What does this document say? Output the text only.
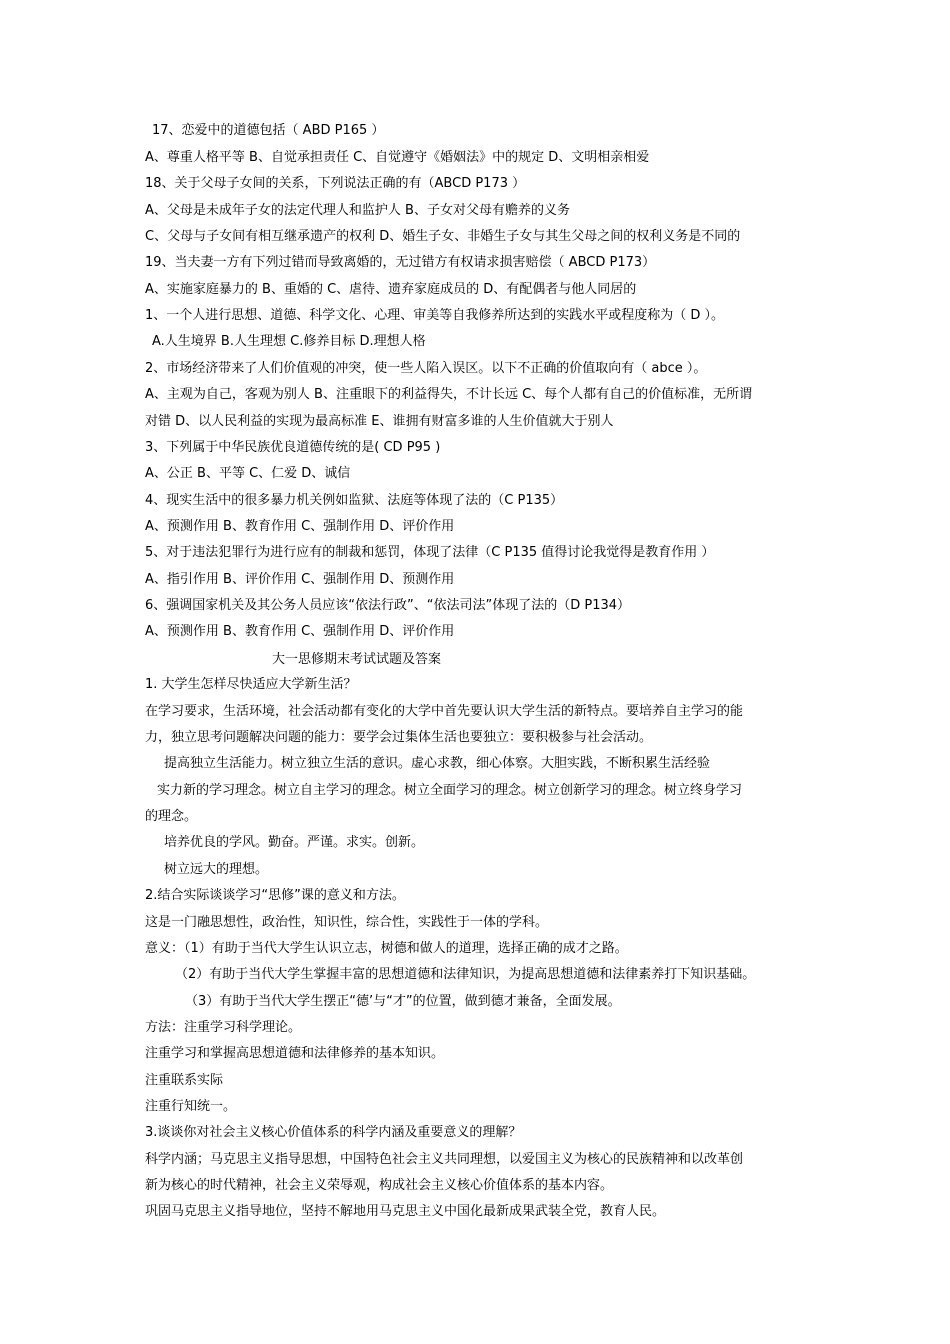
17、恋爱中的道德包括（ ABD P165 ）
A、尊重人格平等 B、自觉承担责任 C、自觉遵守《婚姻法》中的规定 D、文明相亲相爱
18、关于父母子女间的关系，下列说法正确的有（ABCD P173 ）
A、父母是未成年子女的法定代理人和监护人 B、子女对父母有赡养的义务
C、父母与子女间有相互继承遗产的权利 D、婚生子女、非婚生子女与其生父母之间的权利义务是不同的
19、当夫妻一方有下列过错而导致离婚的，无过错方有权请求损害赔偿（ ABCD P173）
A、实施家庭暴力的 B、重婚的 C、虐待、遗弃家庭成员的 D、有配偶者与他人同居的
1、一个人进行思想、道德、科学文化、心理、审美等自我修养所达到的实践水平或程度称为（ D ）。
A.人生境界 B.人生理想 C.修养目标 D.理想人格
2、市场经济带来了人们价值观的冲突，使一些人陷入误区。以下不正确的价值取向有（ abce ）。
A、主观为自己，客观为别人 B、注重眼下的利益得失，不计长远 C、每个人都有自己的价值标准，无所谓
对错 D、以人民利益的实现为最高标准 E、谁拥有财富多谁的人生价值就大于别人
3、下列属于中华民族优良道德传统的是( CD P95 )
A、公正 B、平等 C、仁爱 D、诚信
4、现实生活中的很多暴力机关例如监狱、法庭等体现了法的（C P135）
A、预测作用 B、教育作用 C、强制作用 D、评价作用
5、对于违法犯罪行为进行应有的制裁和惩罚，体现了法律（C P135 值得讨论我觉得是教育作用 ）
A、指引作用 B、评价作用 C、强制作用 D、预测作用
6、强调国家机关及其公务人员应该“依法行政”、“依法司法”体现了法的（D P134）
A、预测作用 B、教育作用 C、强制作用 D、评价作用
大一思修期末考试试题及答案
1. 大学生怎样尽快适应大学新生活？
在学习要求，生活环境，社会活动都有变化的大学中首先要认识大学生活的新特点。要培养自主学习的能
力，独立思考问题解决问题的能力：要学会过集体生活也要独立：要积极参与社会活动。
提高独立生活能力。树立独立生活的意识。虚心求教，细心体察。大胆实践，不断积累生活经验
实力新的学习理念。树立自主学习的理念。树立全面学习的理念。树立创新学习的理念。树立终身学习
的理念。
培养优良的学风。勤奋。严谨。求实。创新。
树立远大的理想。
2.结合实际谈谈学习“思修”课的意义和方法。
这是一门融思想性，政治性，知识性，综合性，实践性于一体的学科。
意义：（1）有助于当代大学生认识立志，树德和做人的道理，选择正确的成才之路。
（2）有助于当代大学生掌握丰富的思想道德和法律知识，为提高思想道德和法律素养打下知识基础。
（3）有助于当代大学生摆正“德’与“才”的位置，做到德才兼备，全面发展。
方法：注重学习科学理论。
注重学习和掌握高思想道德和法律修养的基本知识。
注重联系实际
注重行知统一。
3.谈谈你对社会主义核心价值体系的科学内涵及重要意义的理解？
科学内涵；马克思主义指导思想，中国特色社会主义共同理想，以爱国主义为核心的民族精神和以改革创
新为核心的时代精神，社会主义荣辱观，构成社会主义核心价值体系的基本内容。
巩固马克思主义指导地位，坚持不解地用马克思主义中国化最新成果武装全党，教育人民。
